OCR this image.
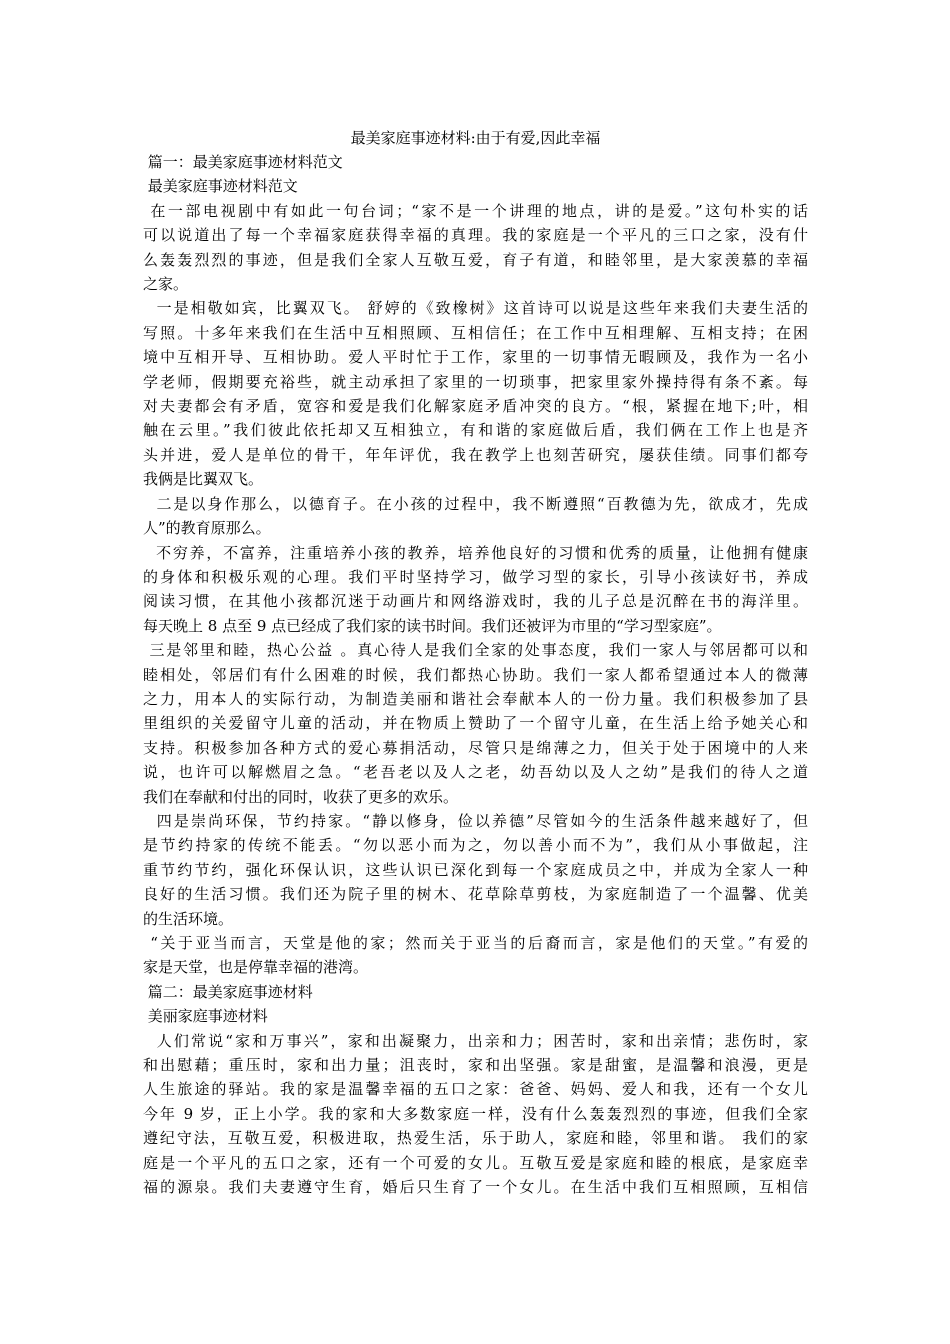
最美家庭事迹材料:由于有爱,因此幸福

篇一：最美家庭事迹材料范文

最美家庭事迹材料范文

在一部电视剧中有如此一句台词；“家不是一个讲理的地点，讲的是爱。”这句朴实的话

可以说道出了每一个幸福家庭获得幸福的真理。我的家庭是一个平凡的三口之家，没有什

么轰轰烈烈的事迹，但是我们全家人互敬互爱，育子有道，和睦邻里，是大家羡慕的幸福

之家。

一是相敬如宾，比翼双飞。 舒婷的《致橡树》这首诗可以说是这些年来我们夫妻生活的

写照。十多年来我们在生活中互相照顾、互相信任；在工作中互相理解、互相支持；在困

境中互相开导、互相协助。爱人平时忙于工作，家里的一切事情无暇顾及，我作为一名小

学老师，假期要充裕些，就主动承担了家里的一切琐事，把家里家外操持得有条不紊。每

对夫妻都会有矛盾，宽容和爱是我们化解家庭矛盾冲突的良方。“根，紧握在地下;叶，相

触在云里。”我们彼此依托却又互相独立，有和谐的家庭做后盾，我们俩在工作上也是齐

头并进，爱人是单位的骨干，年年评优，我在教学上也刻苦研究，屡获佳绩。同事们都夸

我俩是比翼双飞。

二是以身作那么，以德育子。在小孩的过程中，我不断遵照“百教德为先，欲成才，先成

人”的教育原那么。

不穷养，不富养，注重培养小孩的教养，培养他良好的习惯和优秀的质量，让他拥有健康

的身体和积极乐观的心理。我们平时坚持学习，做学习型的家长，引导小孩读好书，养成

阅读习惯，在其他小孩都沉迷于动画片和网络游戏时，我的儿子总是沉醉在书的海洋里。

每天晚上 8 点至 9 点已经成了我们家的读书时间。我们还被评为市里的“学习型家庭”。

三是邻里和睦，热心公益 。真心待人是我们全家的处事态度，我们一家人与邻居都可以和

睦相处，邻居们有什么困难的时候，我们都热心协助。我们一家人都希望通过本人的微薄

之力，用本人的实际行动，为制造美丽和谐社会奉献本人的一份力量。我们积极参加了县

里组织的关爱留守儿童的活动，并在物质上赞助了一个留守儿童，在生活上给予她关心和

支持。积极参加各种方式的爱心募捐活动，尽管只是绵薄之力，但关于处于困境中的人来

说，也许可以解燃眉之急。“老吾老以及人之老，幼吾幼以及人之幼”是我们的待人之道

我们在奉献和付出的同时，收获了更多的欢乐。

四是崇尚环保，节约持家。“静以修身，俭以养德”尽管如今的生活条件越来越好了，但

是节约持家的传统不能丢。“勿以恶小而为之，勿以善小而不为”，我们从小事做起，注

重节约节约，强化环保认识，这些认识已深化到每一个家庭成员之中，并成为全家人一种

良好的生活习惯。我们还为院子里的树木、花草除草剪枝，为家庭制造了一个温馨、优美

的生活环境。

“关于亚当而言，天堂是他的家；然而关于亚当的后裔而言，家是他们的天堂。”有爱的

家是天堂，也是停靠幸福的港湾。

篇二：最美家庭事迹材料

美丽家庭事迹材料

人们常说“家和万事兴”，家和出凝聚力，出亲和力；困苦时，家和出亲情；悲伤时，家

和出慰藉；重压时，家和出力量；沮丧时，家和出坚强。家是甜蜜，是温馨和浪漫，更是

人生旅途的驿站。我的家是温馨幸福的五口之家：爸爸、妈妈、爱人和我，还有一个女儿

今年 9 岁，正上小学。我的家和大多数家庭一样，没有什么轰轰烈烈的事迹，但我们全家

遵纪守法，互敬互爱，积极进取，热爱生活，乐于助人，家庭和睦，邻里和谐。 我们的家

庭是一个平凡的五口之家，还有一个可爱的女儿。互敬互爱是家庭和睦的根底，是家庭幸

福的源泉。我们夫妻遵守生育，婚后只生育了一个女儿。在生活中我们互相照顾，互相信
